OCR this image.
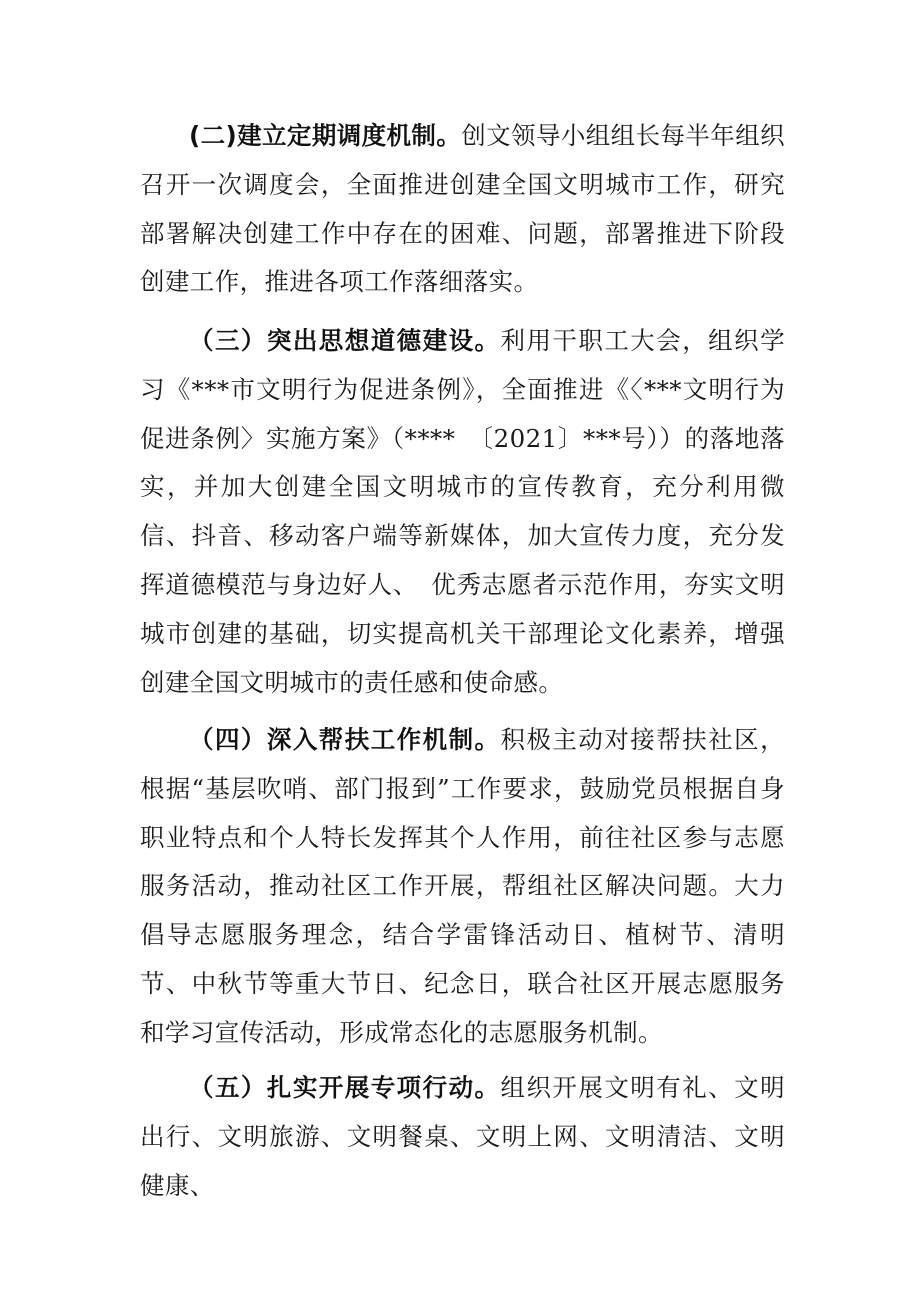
(二)建立定期调度机制。创文领导小组组长每半年组织召开一次调度会，全面推进创建全国文明城市工作，研究部署解决创建工作中存在的困难、问题，部署推进下阶段创建工作，推进各项工作落细落实。

（三）突出思想道德建设。利用干职工大会，组织学习《***市文明行为促进条例》，全面推进《〈***文明行为促进条例〉实施方案》（****　〔2021〕***号））的落地落实，并加大创建全国文明城市的宣传教育，充分利用微信、抖音、移动客户端等新媒体，加大宣传力度，充分发挥道德模范与身边好人、　优秀志愿者示范作用，夯实文明城市创建的基础，切实提高机关干部理论文化素养，增强创建全国文明城市的责任感和使命感。

（四）深入帮扶工作机制。积极主动对接帮扶社区，根据“基层吹哨、部门报到”工作要求，鼓励党员根据自身职业特点和个人特长发挥其个人作用，前往社区参与志愿服务活动，推动社区工作开展，帮组社区解决问题。大力倡导志愿服务理念，结合学雷锋活动日、植树节、清明节、中秋节等重大节日、纪念日，联合社区开展志愿服务和学习宣传活动，形成常态化的志愿服务机制。

（五）扎实开展专项行动。组织开展文明有礼、文明出行、文明旅游、文明餐桌、文明上网、文明清洁、文明健康、
